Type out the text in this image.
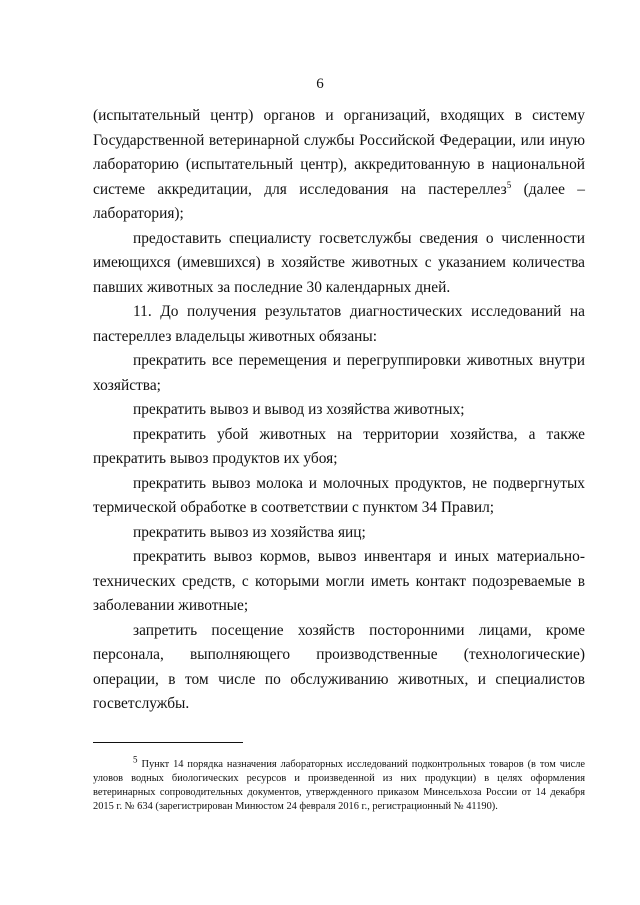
6

(испытательный центр) органов и организаций, входящих в систему Государственной ветеринарной службы Российской Федерации, или иную лабораторию (испытательный центр), аккредитованную в национальной системе аккредитации, для исследования на пастереллез$^5$ (далее – лаборатория);

предоставить специалисту госветслужбы сведения о численности имеющихся (имевшихся) в хозяйстве животных с указанием количества павших животных за последние 30 календарных дней.

11. До получения результатов диагностических исследований на пастереллез владельцы животных обязаны:

прекратить все перемещения и перегруппировки животных внутри хозяйства;

прекратить вывоз и вывод из хозяйства животных;

прекратить убой животных на территории хозяйства, а также прекратить вывоз продуктов их убоя;

прекратить вывоз молока и молочных продуктов, не подвергнутых термической обработке в соответствии с пунктом 34 Правил;

прекратить вывоз из хозяйства яиц;

прекратить вывоз кормов, вывоз инвентаря и иных материально-технических средств, с которыми могли иметь контакт подозреваемые в заболевании животные;

запретить посещение хозяйств посторонними лицами, кроме персонала, выполняющего производственные (технологические) операции, в том числе по обслуживанию животных, и специалистов госветслужбы.

$^5$ Пункт 14 порядка назначения лабораторных исследований подконтрольных товаров (в том числе уловов водных биологических ресурсов и произведенной из них продукции) в целях оформления ветеринарных сопроводительных документов, утвержденного приказом Минсельхоза России от 14 декабря 2015 г. № 634 (зарегистрирован Минюстом 24 февраля 2016 г., регистрационный № 41190).
